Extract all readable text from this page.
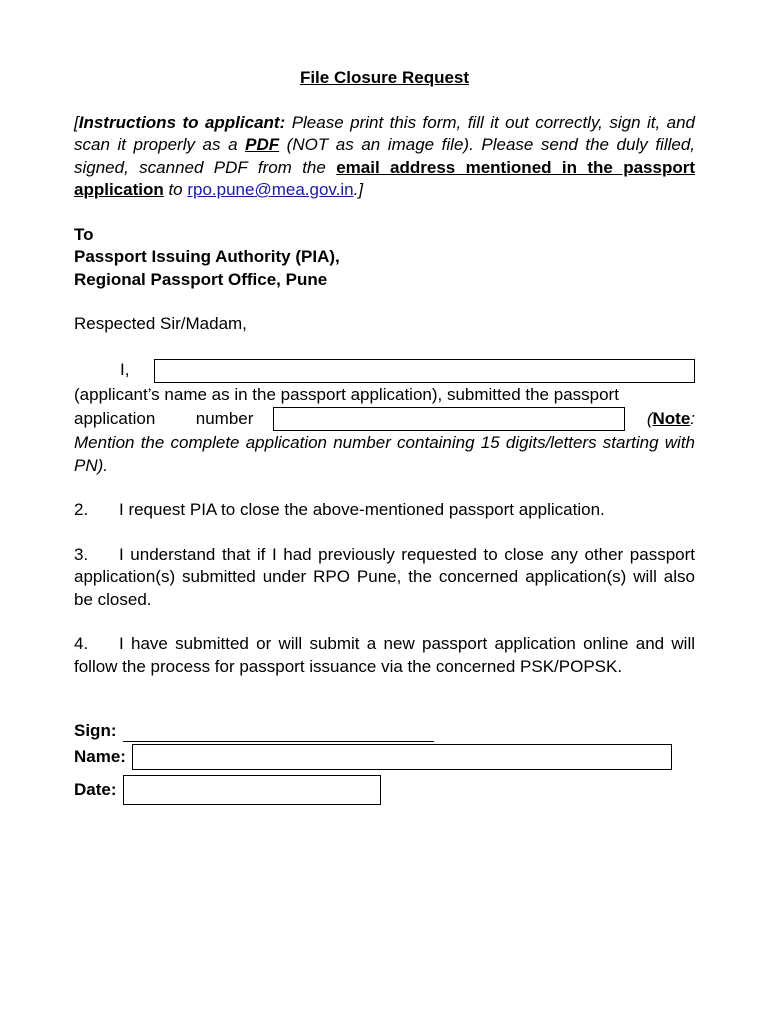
File Closure Request
[Instructions to applicant: Please print this form, fill it out correctly, sign it, and scan it properly as a PDF (NOT as an image file). Please send the duly filled, signed, scanned PDF from the email address mentioned in the passport application to rpo.pune@mea.gov.in.]
To
Passport Issuing Authority (PIA),
Regional Passport Office, Pune
Respected Sir/Madam,
I,
(applicant’s name as in the passport application), submitted the passport
application number	(Note:
Mention the complete application number containing 15 digits/letters starting with PN).
2. I request PIA to close the above-mentioned passport application.
3. I understand that if I had previously requested to close any other passport application(s) submitted under RPO Pune, the concerned application(s) will also be closed.
4. I have submitted or will submit a new passport application online and will follow the process for passport issuance via the concerned PSK/POPSK.
Sign:
Name:
Date:
